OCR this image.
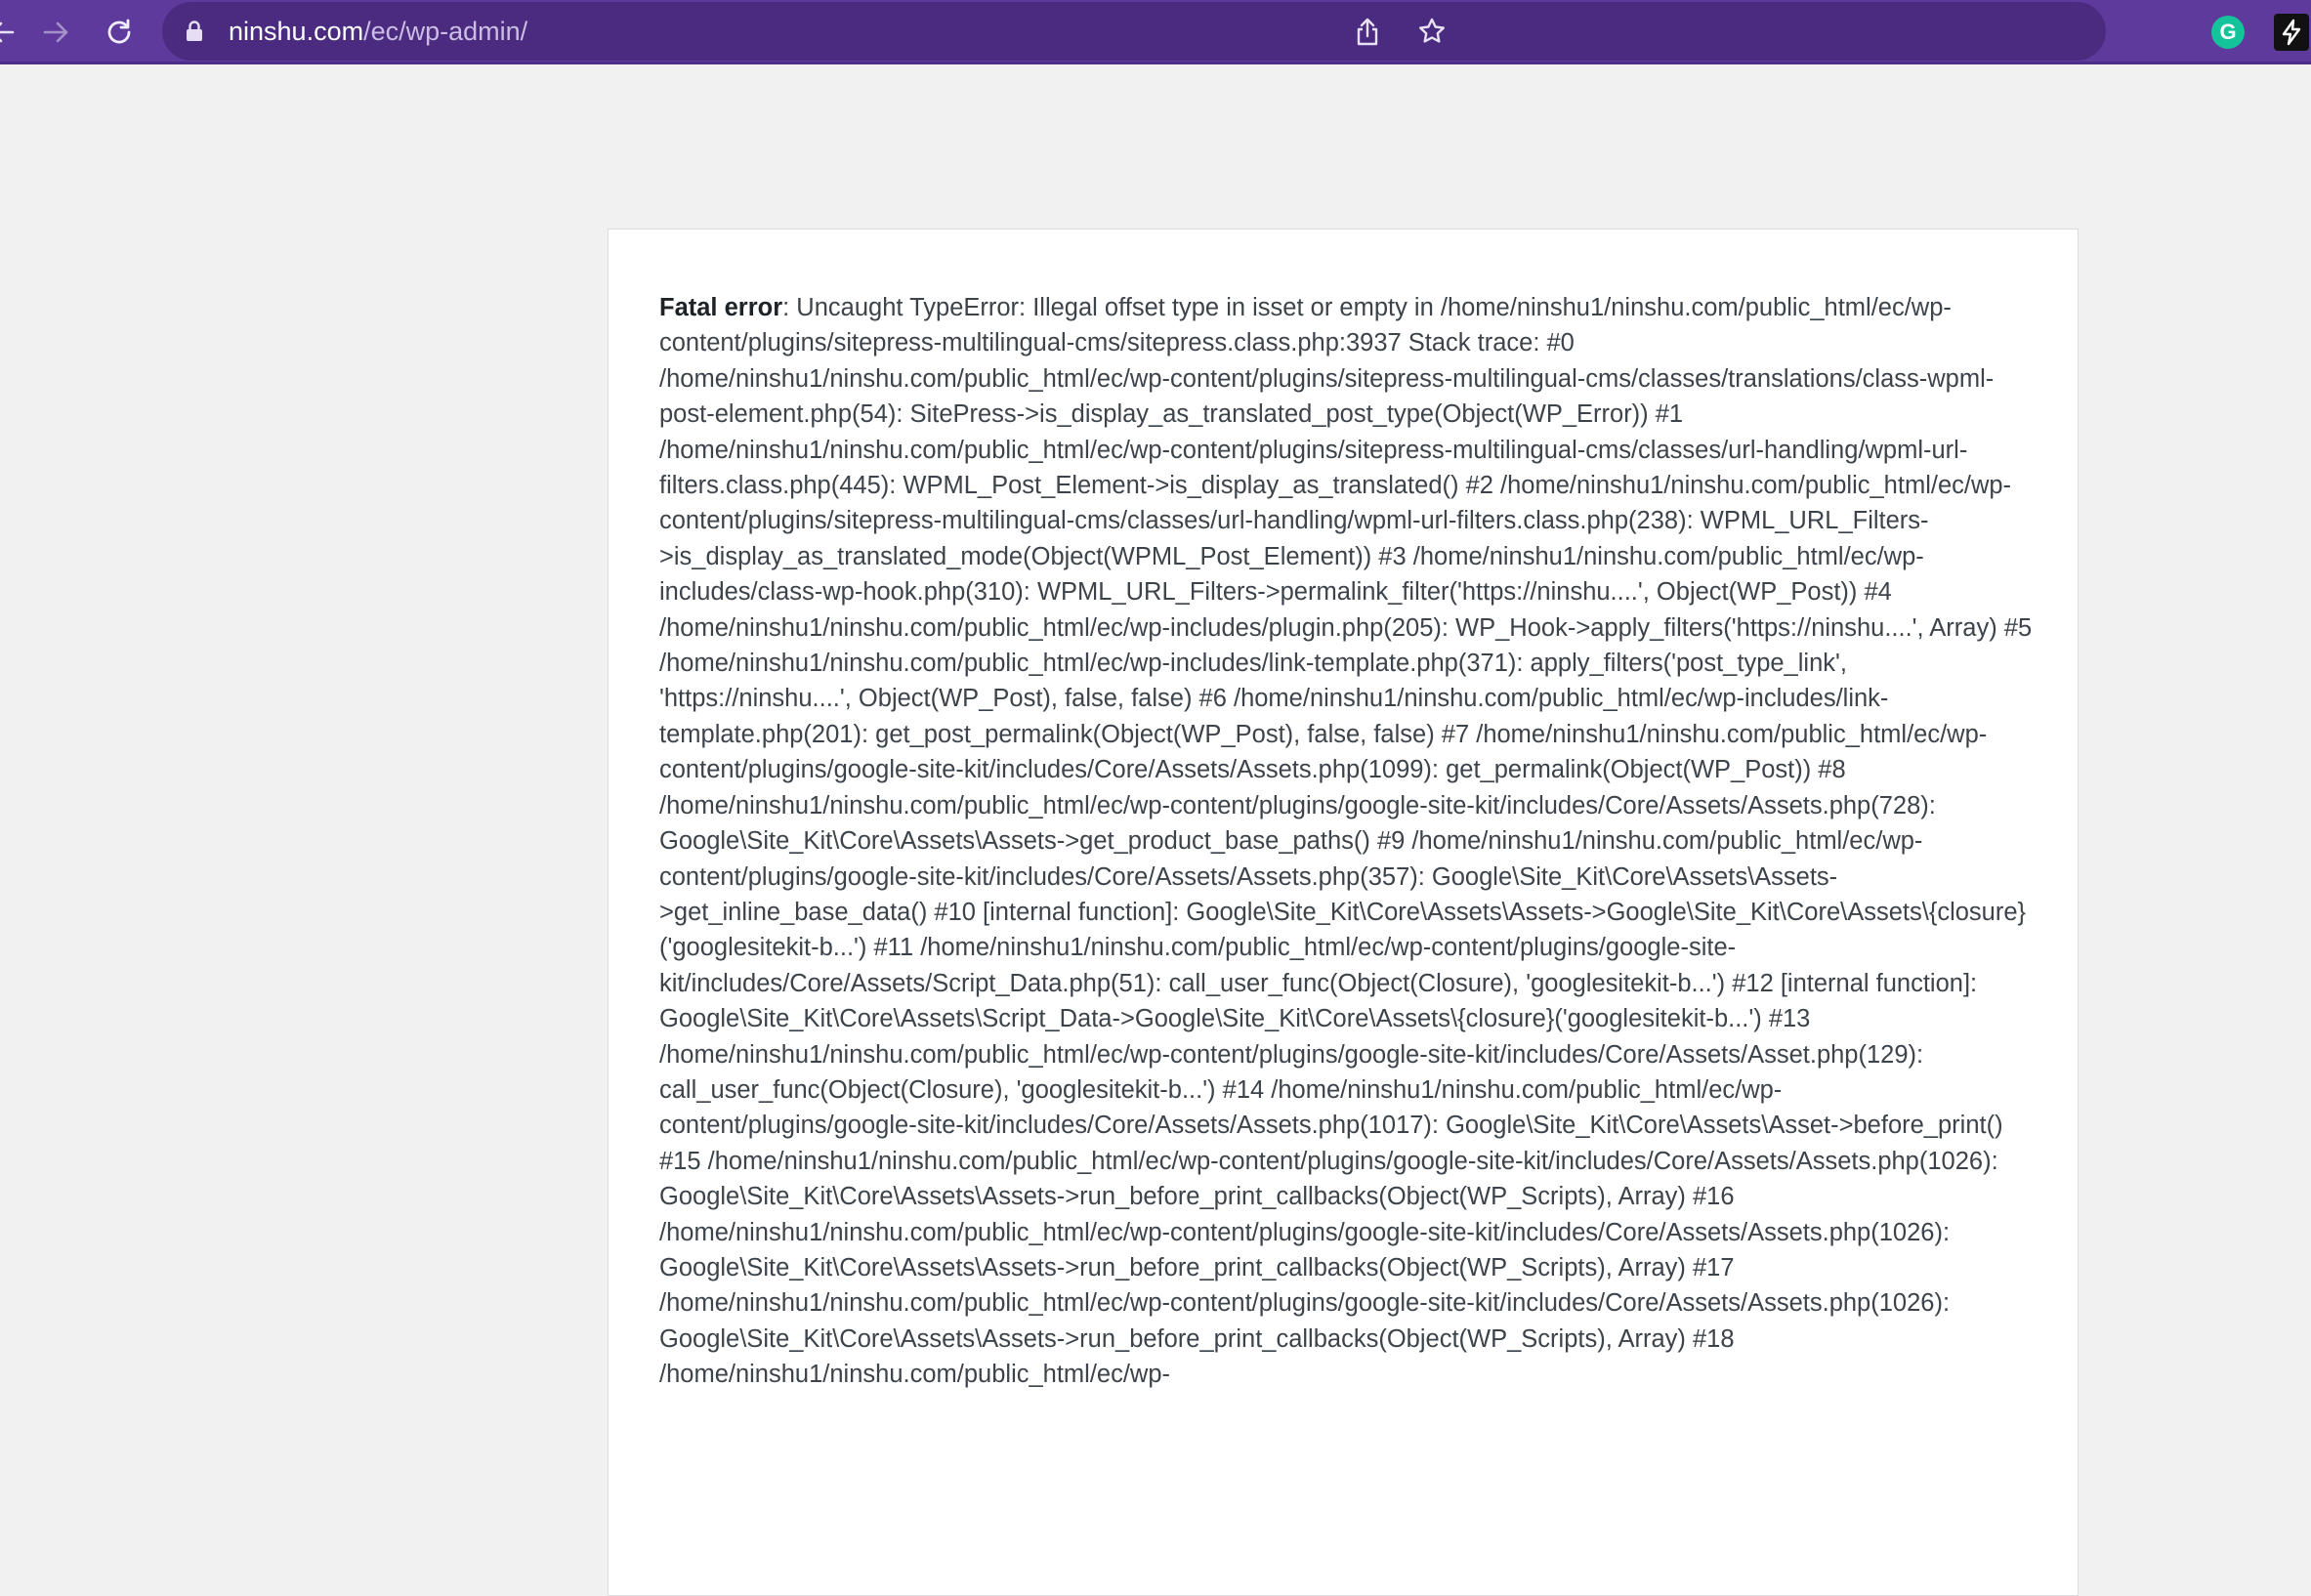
ninshu.com/ec/wp-admin/	G
Fatal error: Uncaught TypeError: Illegal offset type in isset or empty in /home/ninshu1/ninshu.com/public_html/ec/wp-content/plugins/sitepress-multilingual-cms/sitepress.class.php:3937 Stack trace: #0 /home/ninshu1/ninshu.com/public_html/ec/wp-content/plugins/sitepress-multilingual-cms/classes/translations/class-wpml-post-element.php(54): SitePress->is_display_as_translated_post_type(Object(WP_Error)) #1 /home/ninshu1/ninshu.com/public_html/ec/wp-content/plugins/sitepress-multilingual-cms/classes/url-handling/wpml-url-filters.class.php(445): WPML_Post_Element->is_display_as_translated() #2 /home/ninshu1/ninshu.com/public_html/ec/wp-content/plugins/sitepress-multilingual-cms/classes/url-handling/wpml-url-filters.class.php(238): WPML_URL_Filters->is_display_as_translated_mode(Object(WPML_Post_Element)) #3 /home/ninshu1/ninshu.com/public_html/ec/wp-includes/class-wp-hook.php(310): WPML_URL_Filters->permalink_filter('https://ninshu....', Object(WP_Post)) #4 /home/ninshu1/ninshu.com/public_html/ec/wp-includes/plugin.php(205): WP_Hook->apply_filters('https://ninshu....', Array) #5 /home/ninshu1/ninshu.com/public_html/ec/wp-includes/link-template.php(371): apply_filters('post_type_link', 'https://ninshu....', Object(WP_Post), false, false) #6 /home/ninshu1/ninshu.com/public_html/ec/wp-includes/link-template.php(201): get_post_permalink(Object(WP_Post), false, false) #7 /home/ninshu1/ninshu.com/public_html/ec/wp-content/plugins/google-site-kit/includes/Core/Assets/Assets.php(1099): get_permalink(Object(WP_Post)) #8 /home/ninshu1/ninshu.com/public_html/ec/wp-content/plugins/google-site-kit/includes/Core/Assets/Assets.php(728): Google\Site_Kit\Core\Assets\Assets->get_product_base_paths() #9 /home/ninshu1/ninshu.com/public_html/ec/wp-content/plugins/google-site-kit/includes/Core/Assets/Assets.php(357): Google\Site_Kit\Core\Assets\Assets->get_inline_base_data() #10 [internal function]: Google\Site_Kit\Core\Assets\Assets->Google\Site_Kit\Core\Assets\{closure}('googlesitekit-b...') #11 /home/ninshu1/ninshu.com/public_html/ec/wp-content/plugins/google-site-kit/includes/Core/Assets/Script_Data.php(51): call_user_func(Object(Closure), 'googlesitekit-b...') #12 [internal function]: Google\Site_Kit\Core\Assets\Script_Data->Google\Site_Kit\Core\Assets\{closure}('googlesitekit-b...') #13 /home/ninshu1/ninshu.com/public_html/ec/wp-content/plugins/google-site-kit/includes/Core/Assets/Asset.php(129): call_user_func(Object(Closure), 'googlesitekit-b...') #14 /home/ninshu1/ninshu.com/public_html/ec/wp-content/plugins/google-site-kit/includes/Core/Assets/Assets.php(1017): Google\Site_Kit\Core\Assets\Asset->before_print() #15 /home/ninshu1/ninshu.com/public_html/ec/wp-content/plugins/google-site-kit/includes/Core/Assets/Assets.php(1026): Google\Site_Kit\Core\Assets\Assets->run_before_print_callbacks(Object(WP_Scripts), Array) #16 /home/ninshu1/ninshu.com/public_html/ec/wp-content/plugins/google-site-kit/includes/Core/Assets/Assets.php(1026): Google\Site_Kit\Core\Assets\Assets->run_before_print_callbacks(Object(WP_Scripts), Array) #17 /home/ninshu1/ninshu.com/public_html/ec/wp-content/plugins/google-site-kit/includes/Core/Assets/Assets.php(1026): Google\Site_Kit\Core\Assets\Assets->run_before_print_callbacks(Object(WP_Scripts), Array) #18 /home/ninshu1/ninshu.com/public_html/ec/wp-
